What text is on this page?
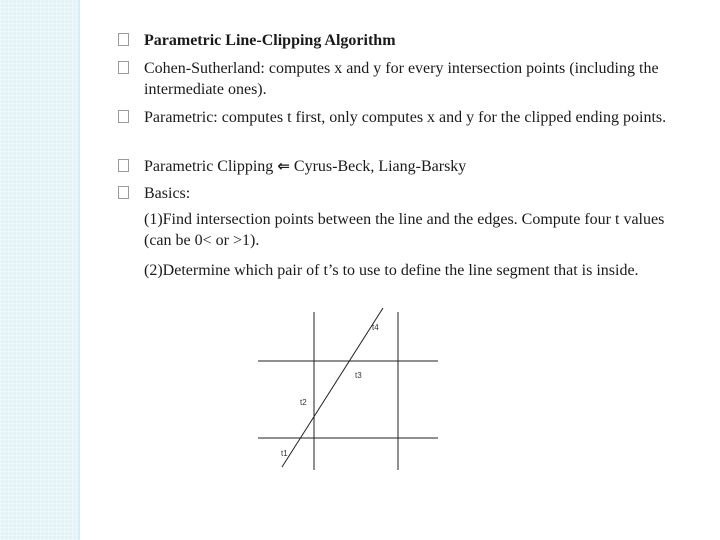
Parametric Line-Clipping Algorithm
Cohen-Sutherland: computes x and y for every intersection points (including the intermediate ones).
Parametric: computes t first, only computes x and y for the clipped ending points.
Parametric Clipping ⇐ Cyrus-Beck, Liang-Barsky
Basics:
(1)Find intersection points between the line and the edges. Compute four t values (can be 0< or >1).
(2)Determine which pair of t’s to use to define the line segment that is inside.
t4
t3
t2
t1
